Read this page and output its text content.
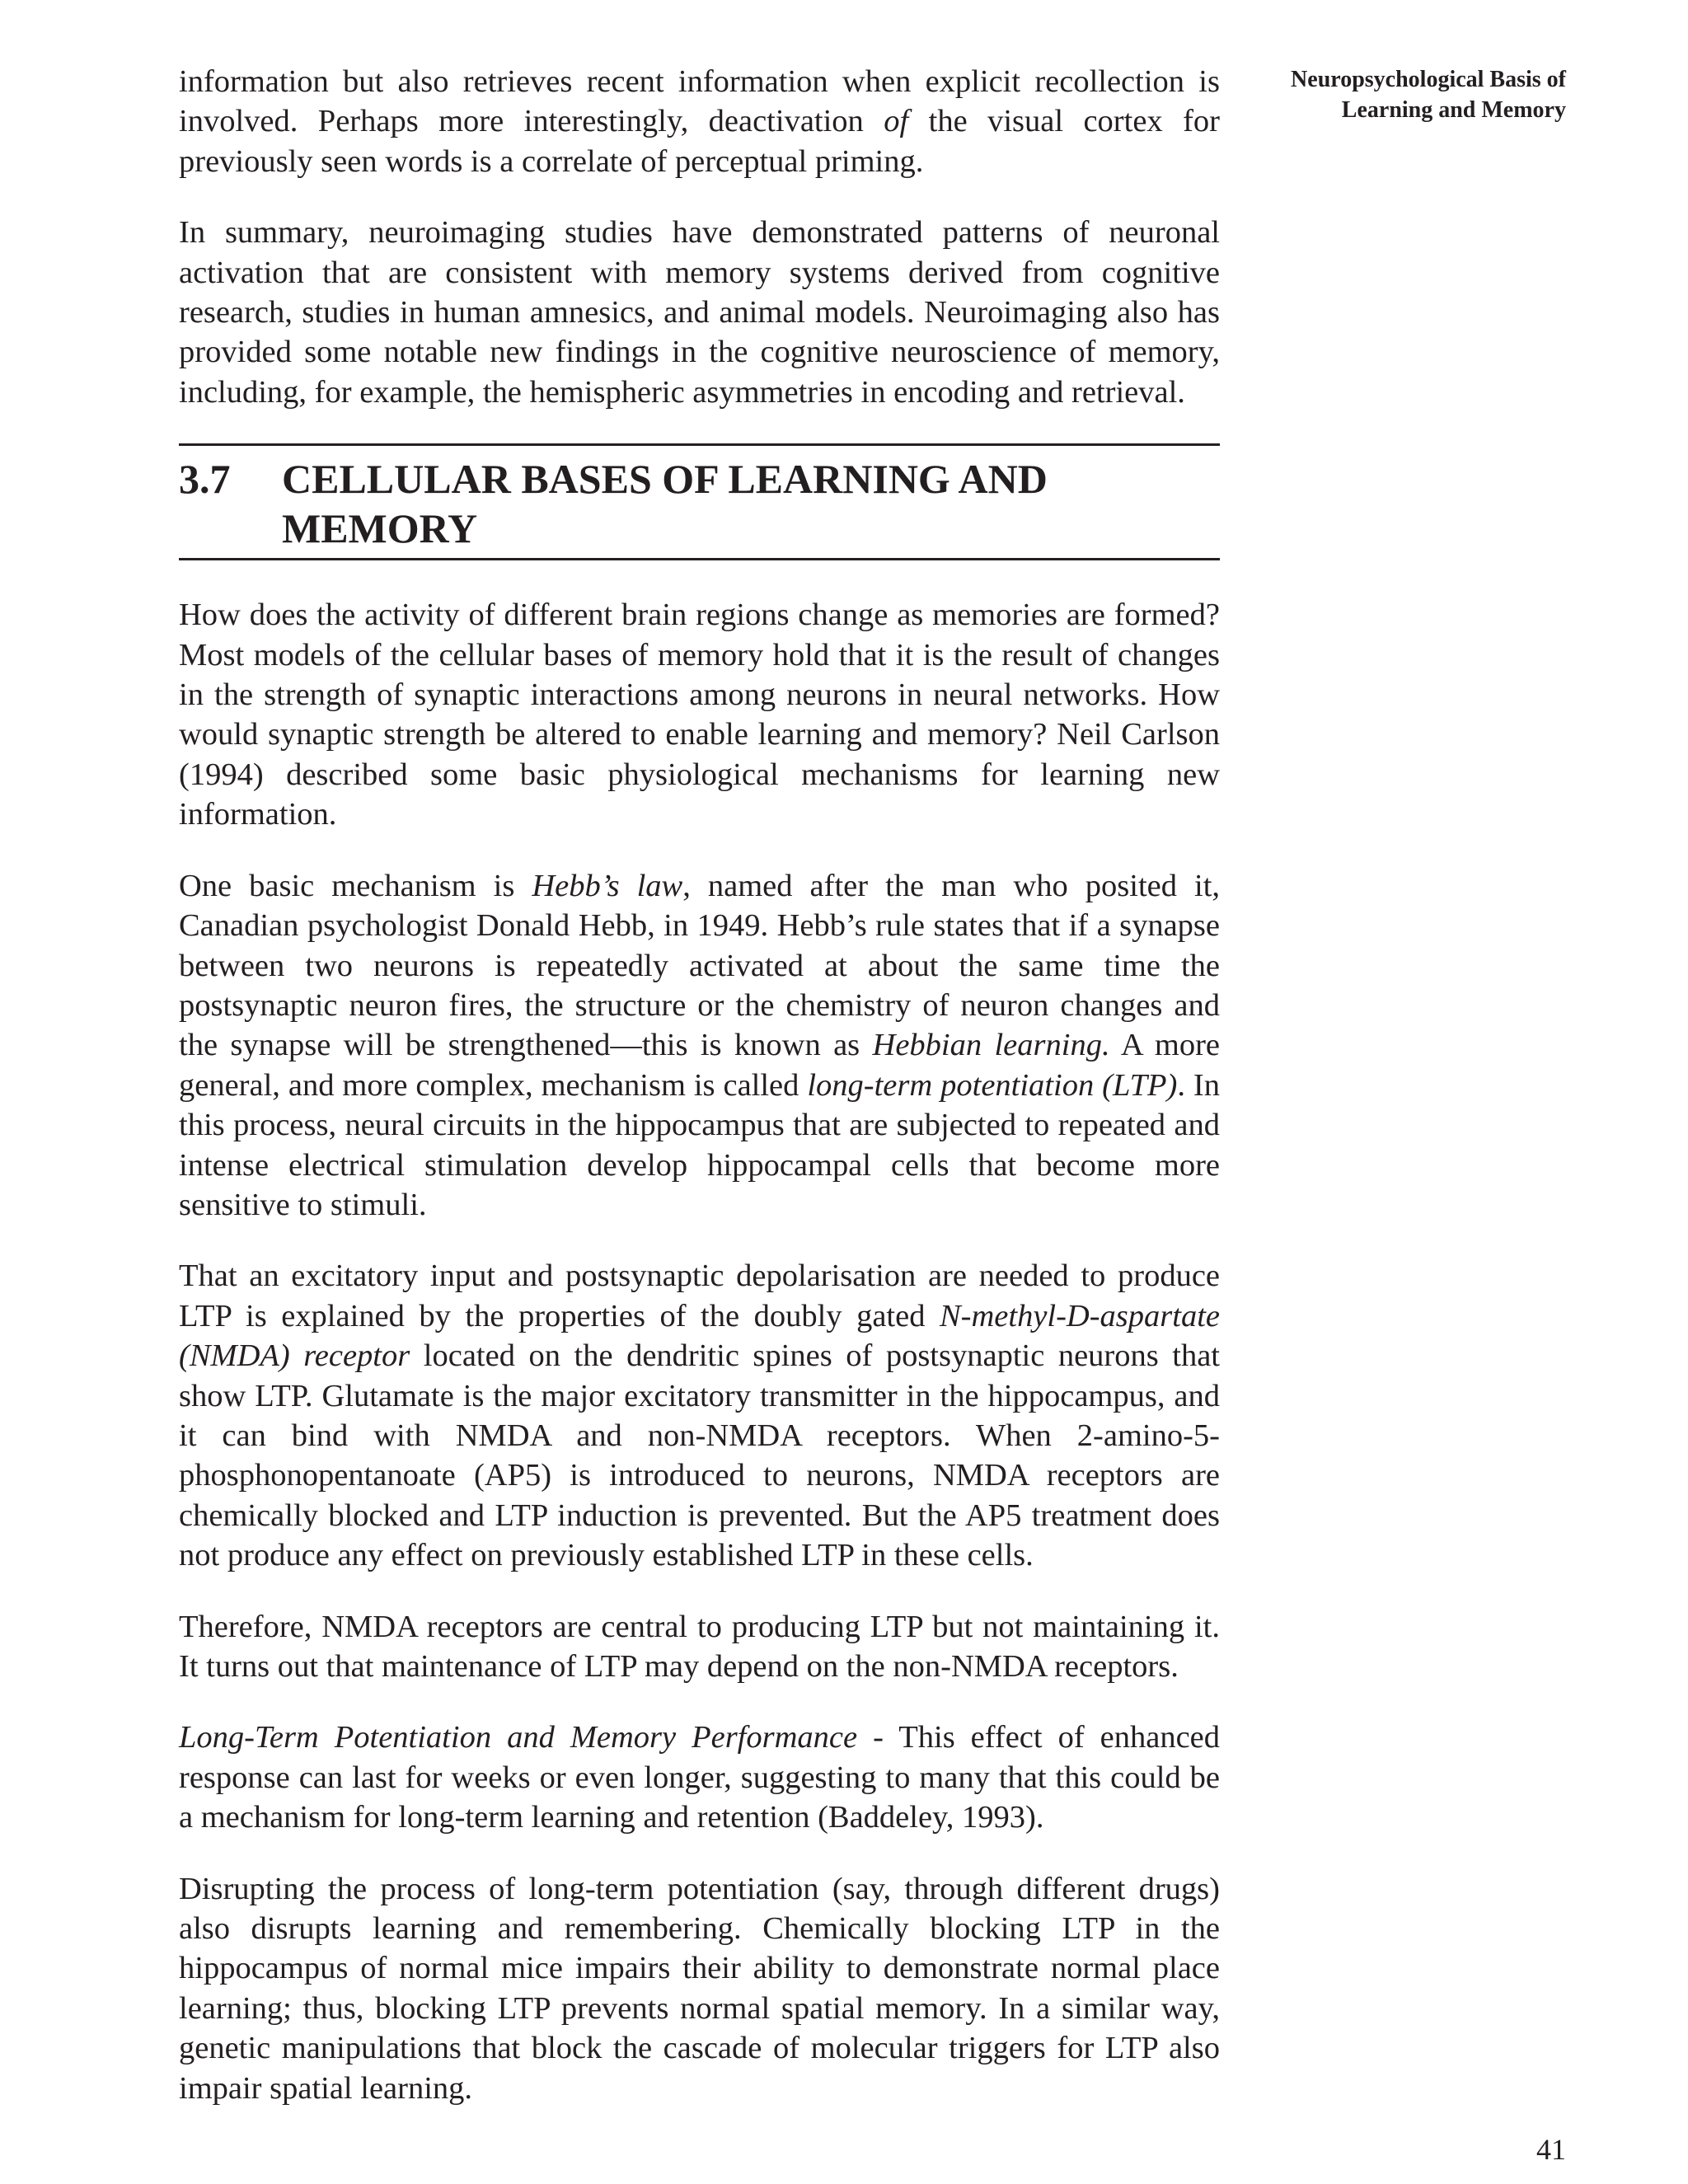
Neuropsychological Basis of
Learning and Memory

information but also retrieves recent information when explicit recollection is involved. Perhaps more interestingly, deactivation of the visual cortex for previously seen words is a correlate of perceptual priming.

In summary, neuroimaging studies have demonstrated patterns of neuronal activation that are consistent with memory systems derived from cognitive research, studies in human amnesics, and animal models. Neuroimaging also has provided some notable new findings in the cognitive neuroscience of memory, including, for example, the hemispheric asymmetries in encoding and retrieval.

3.7	CELLULAR BASES OF LEARNING AND MEMORY

How does the activity of different brain regions change as memories are formed? Most models of the cellular bases of memory hold that it is the result of changes in the strength of synaptic interactions among neurons in neural networks. How would synaptic strength be altered to enable learning and memory? Neil Carlson (1994) described some basic physiological mechanisms for learning new information.

One basic mechanism is Hebb’s law, named after the man who posited it, Canadian psychologist Donald Hebb, in 1949. Hebb’s rule states that if a synapse between two neurons is repeatedly activated at about the same time the postsynaptic neuron fires, the structure or the chemistry of neuron changes and the synapse will be strengthened—this is known as Hebbian learning. A more general, and more complex, mechanism is called long-term potentiation (LTP). In this process, neural circuits in the hippocampus that are subjected to repeated and intense electrical stimulation develop hippocampal cells that become more sensitive to stimuli.

That an excitatory input and postsynaptic depolarisation are needed to produce LTP is explained by the properties of the doubly gated N-methyl-D-aspartate (NMDA) receptor located on the dendritic spines of postsynaptic neurons that show LTP. Glutamate is the major excitatory transmitter in the hippocampus, and it can bind with NMDA and non-NMDA receptors. When 2-amino-5-phosphonopentanoate (AP5) is introduced to neurons, NMDA receptors are chemically blocked and LTP induction is prevented. But the AP5 treatment does not produce any effect on previously established LTP in these cells.

Therefore, NMDA receptors are central to producing LTP but not maintaining it. It turns out that maintenance of LTP may depend on the non-NMDA receptors.

Long-Term Potentiation and Memory Performance - This effect of enhanced response can last for weeks or even longer, suggesting to many that this could be a mechanism for long-term learning and retention (Baddeley, 1993).

Disrupting the process of long-term potentiation (say, through different drugs) also disrupts learning and remembering. Chemically blocking LTP in the hippocampus of normal mice impairs their ability to demonstrate normal place learning; thus, blocking LTP prevents normal spatial memory. In a similar way, genetic manipulations that block the cascade of molecular triggers for LTP also impair spatial learning.

41
